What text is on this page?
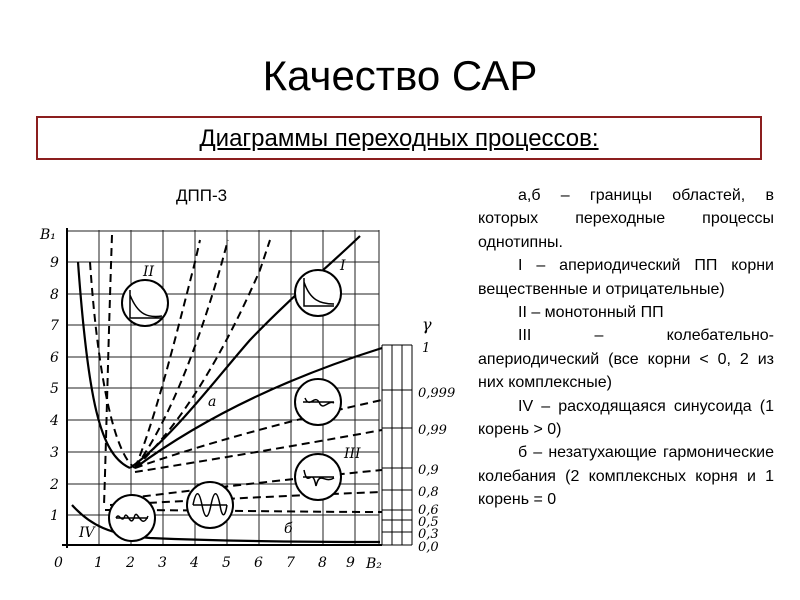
Качество САР
Диаграммы переходных процессов:
ДПП-3
B₁
B₂
γ
0 1 2 3 4 5 6 7 8 9
1
2
3
4
5
6
7
8
9
1
0,999
0,99
0,9
0,8
0,6
0,5
0,3
0,0
I
II
III
IV
а
б

а,б – границы областей, в которых переходные процессы однотипны.

I – апериодический ПП корни вещественные и отрицательные)

II – монотонный ПП

III – колебательно-апериодический (все корни < 0, 2 из них комплексные)

IV – расходящаяся синусоида (1 корень > 0)

б – незатухающие гармонические колебания (2 комплексных корня и 1 корень = 0
